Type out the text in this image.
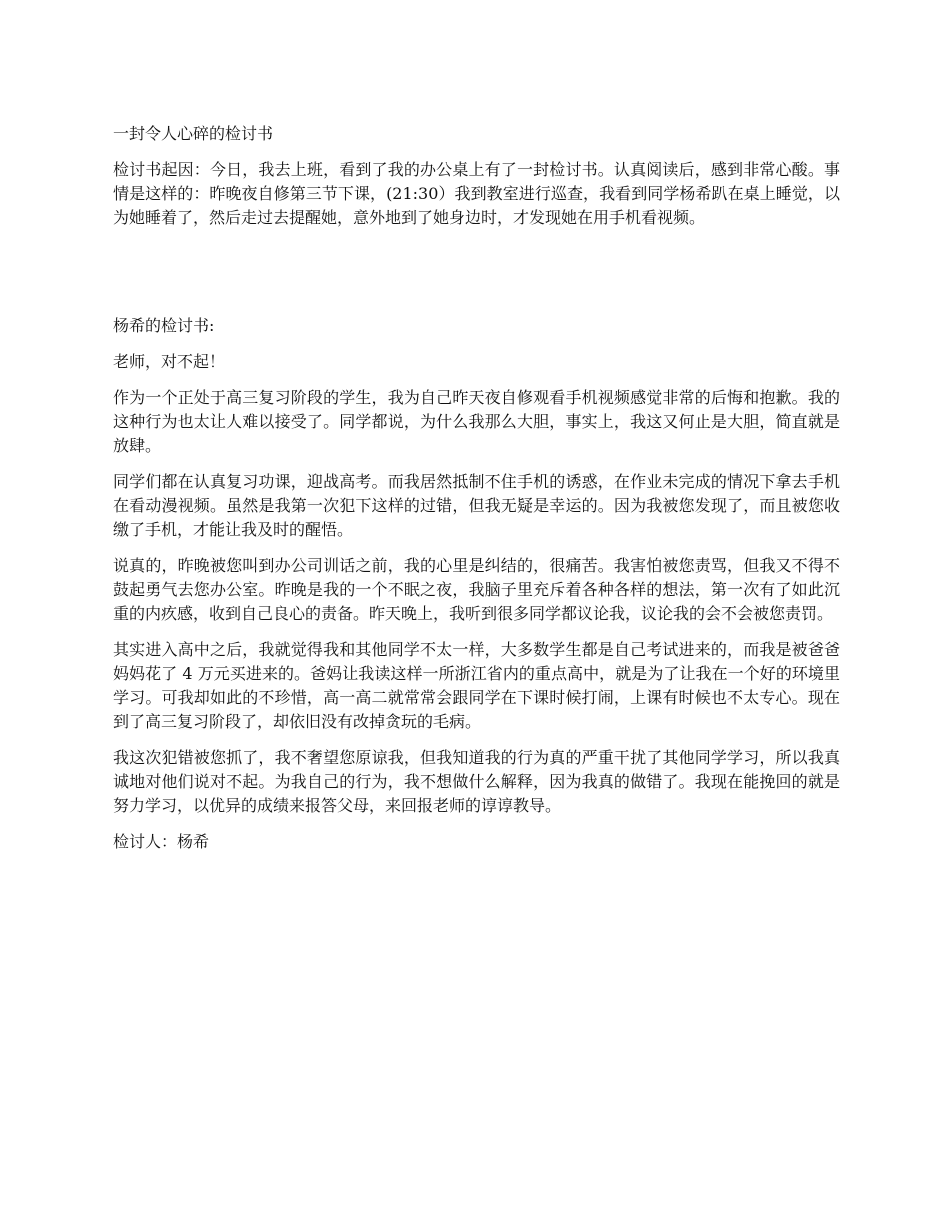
一封令人心碎的检讨书

检讨书起因：今日，我去上班，看到了我的办公桌上有了一封检讨书。认真阅读后，感到非常心酸。事情是这样的：昨晚夜自修第三节下课，(21:30）我到教室进行巡查，我看到同学杨希趴在桌上睡觉，以为她睡着了，然后走过去提醒她，意外地到了她身边时，才发现她在用手机看视频。

杨希的检讨书:

老师，对不起！

作为一个正处于高三复习阶段的学生，我为自己昨天夜自修观看手机视频感觉非常的后悔和抱歉。我的这种行为也太让人难以接受了。同学都说，为什么我那么大胆，事实上，我这又何止是大胆，简直就是放肆。

同学们都在认真复习功课，迎战高考。而我居然抵制不住手机的诱惑，在作业未完成的情况下拿去手机在看动漫视频。虽然是我第一次犯下这样的过错，但我无疑是幸运的。因为我被您发现了，而且被您收缴了手机，才能让我及时的醒悟。

说真的，昨晚被您叫到办公司训话之前，我的心里是纠结的，很痛苦。我害怕被您责骂，但我又不得不鼓起勇气去您办公室。昨晚是我的一个不眠之夜，我脑子里充斥着各种各样的想法，第一次有了如此沉重的内疚感，收到自己良心的责备。昨天晚上，我听到很多同学都议论我，议论我的会不会被您责罚。

其实进入高中之后，我就觉得我和其他同学不太一样，大多数学生都是自己考试进来的，而我是被爸爸妈妈花了 4 万元买进来的。爸妈让我读这样一所浙江省内的重点高中，就是为了让我在一个好的环境里学习。可我却如此的不珍惜，高一高二就常常会跟同学在下课时候打闹，上课有时候也不太专心。现在到了高三复习阶段了，却依旧没有改掉贪玩的毛病。

我这次犯错被您抓了，我不奢望您原谅我，但我知道我的行为真的严重干扰了其他同学学习，所以我真诚地对他们说对不起。为我自己的行为，我不想做什么解释，因为我真的做错了。我现在能挽回的就是努力学习，以优异的成绩来报答父母，来回报老师的谆谆教导。

检讨人：杨希
